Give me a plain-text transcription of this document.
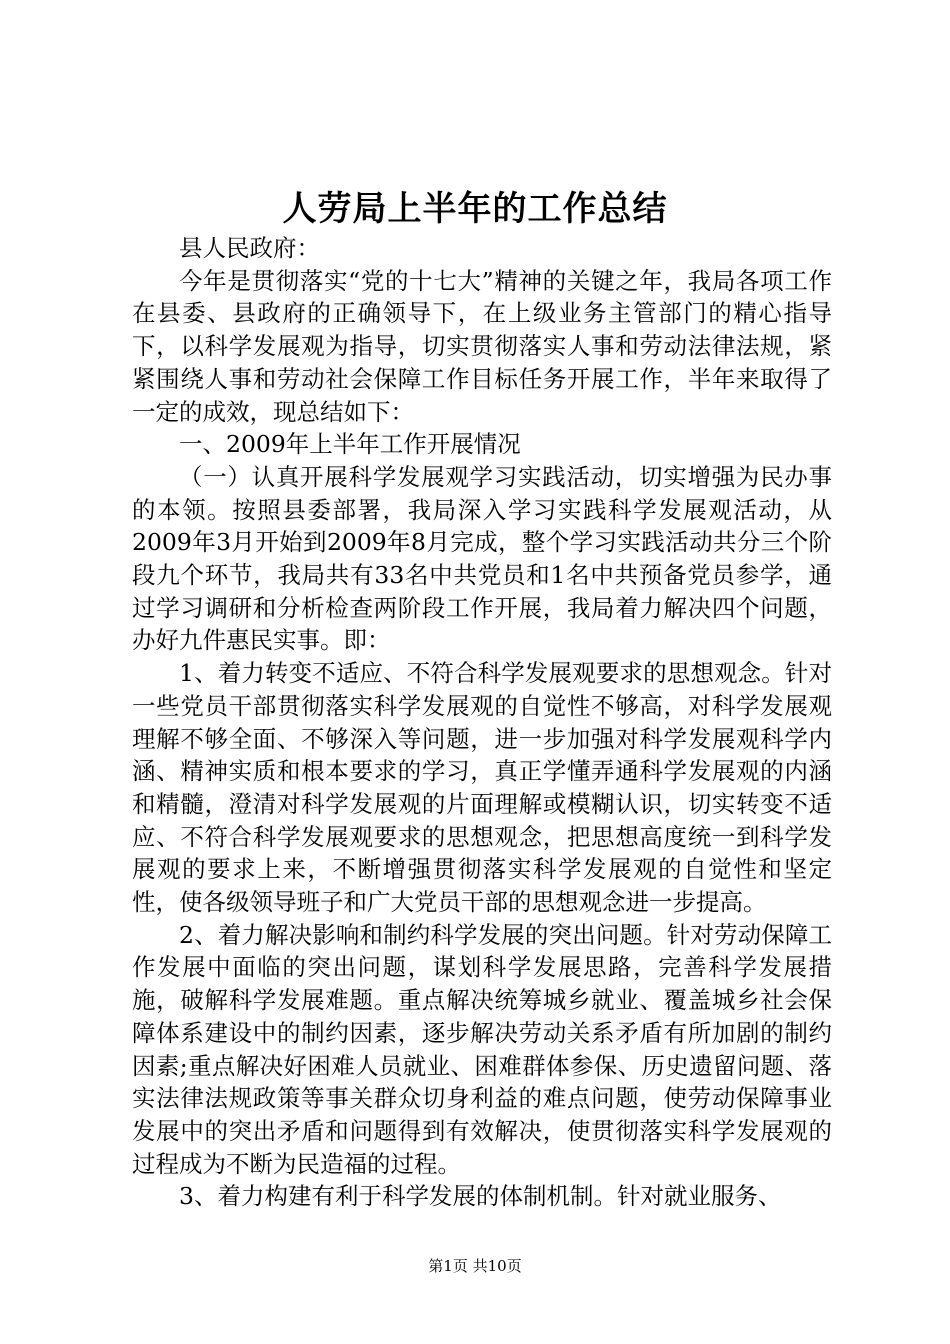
人劳局上半年的工作总结

县人民政府：

今年是贯彻落实“党的十七大”精神的关键之年，我局各项工作在县委、县政府的正确领导下，在上级业务主管部门的精心指导下，以科学发展观为指导，切实贯彻落实人事和劳动法律法规，紧紧围绕人事和劳动社会保障工作目标任务开展工作，半年来取得了一定的成效，现总结如下：

一、2009年上半年工作开展情况

（一）认真开展科学发展观学习实践活动，切实增强为民办事的本领。按照县委部署，我局深入学习实践科学发展观活动，从2009年3月开始到2009年8月完成，整个学习实践活动共分三个阶段九个环节，我局共有33名中共党员和1名中共预备党员参学，通过学习调研和分析检查两阶段工作开展，我局着力解决四个问题，办好九件惠民实事。即：

1、着力转变不适应、不符合科学发展观要求的思想观念。针对一些党员干部贯彻落实科学发展观的自觉性不够高，对科学发展观理解不够全面、不够深入等问题，进一步加强对科学发展观科学内涵、精神实质和根本要求的学习，真正学懂弄通科学发展观的内涵和精髓，澄清对科学发展观的片面理解或模糊认识，切实转变不适应、不符合科学发展观要求的思想观念，把思想高度统一到科学发展观的要求上来，不断增强贯彻落实科学发展观的自觉性和坚定性，使各级领导班子和广大党员干部的思想观念进一步提高。

2、着力解决影响和制约科学发展的突出问题。针对劳动保障工作发展中面临的突出问题，谋划科学发展思路，完善科学发展措施，破解科学发展难题。重点解决统筹城乡就业、覆盖城乡社会保障体系建设中的制约因素，逐步解决劳动关系矛盾有所加剧的制约因素;重点解决好困难人员就业、困难群体参保、历史遗留问题、落实法律法规政策等事关群众切身利益的难点问题，使劳动保障事业发展中的突出矛盾和问题得到有效解决，使贯彻落实科学发展观的过程成为不断为民造福的过程。

3、着力构建有利于科学发展的体制机制。针对就业服务、

第1页 共10页
